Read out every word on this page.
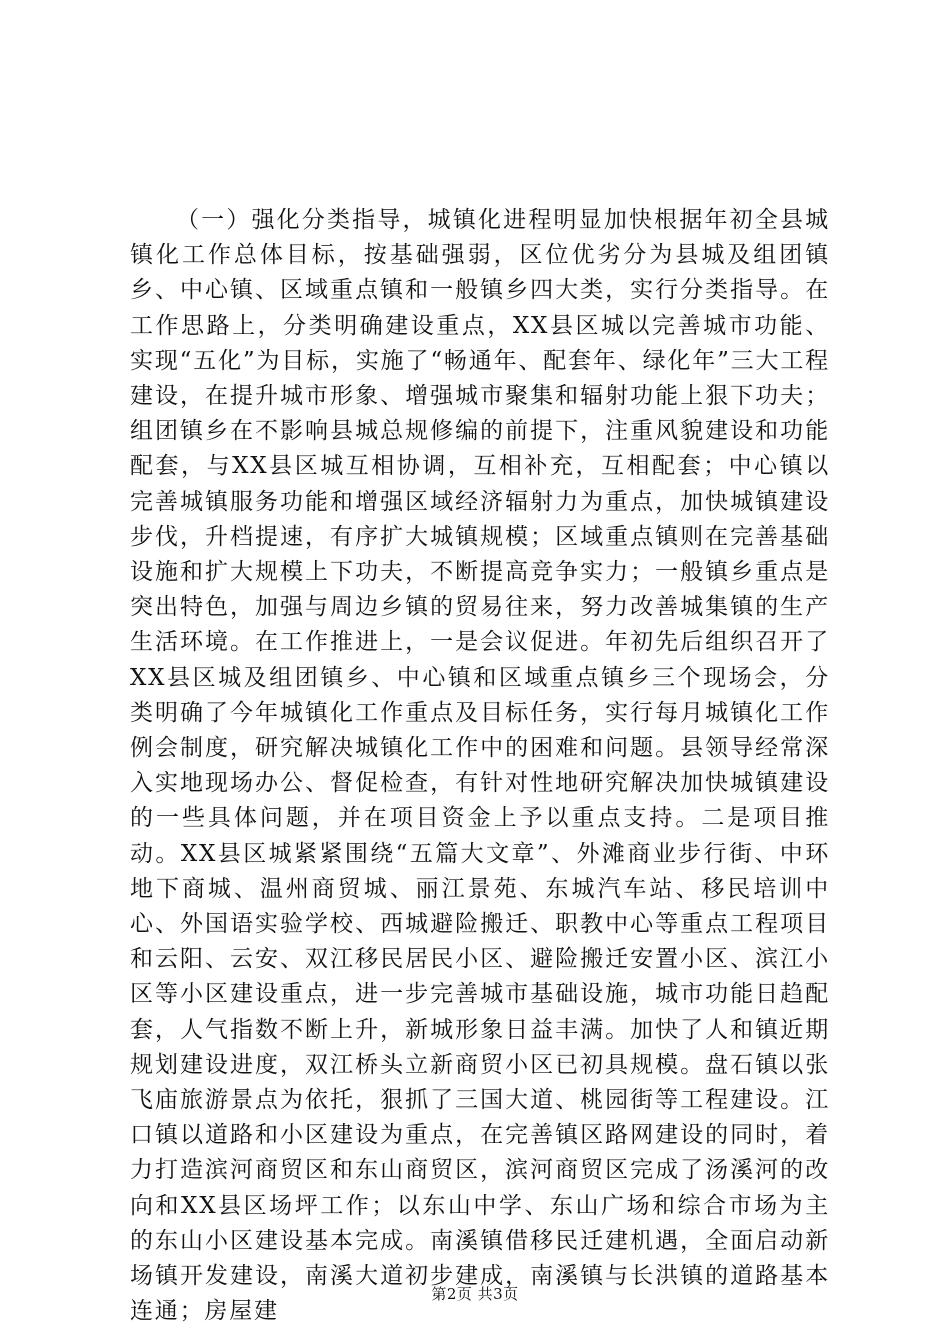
（一）强化分类指导，城镇化进程明显加快根据年初全县城镇化工作总体目标，按基础强弱，区位优劣分为县城及组团镇乡、中心镇、区域重点镇和一般镇乡四大类，实行分类指导。在工作思路上，分类明确建设重点，XX县区城以完善城市功能、实现“五化”为目标，实施了“畅通年、配套年、绿化年”三大工程建设，在提升城市形象、增强城市聚集和辐射功能上狠下功夫；组团镇乡在不影响县城总规修编的前提下，注重风貌建设和功能配套，与XX县区城互相协调，互相补充，互相配套；中心镇以完善城镇服务功能和增强区域经济辐射力为重点，加快城镇建设步伐，升档提速，有序扩大城镇规模；区域重点镇则在完善基础设施和扩大规模上下功夫，不断提高竞争实力；一般镇乡重点是突出特色，加强与周边乡镇的贸易往来，努力改善城集镇的生产生活环境。在工作推进上，一是会议促进。年初先后组织召开了XX县区城及组团镇乡、中心镇和区域重点镇乡三个现场会，分类明确了今年城镇化工作重点及目标任务，实行每月城镇化工作例会制度，研究解决城镇化工作中的困难和问题。县领导经常深入实地现场办公、督促检查，有针对性地研究解决加快城镇建设的一些具体问题，并在项目资金上予以重点支持。二是项目推动。XX县区城紧紧围绕“五篇大文章”、外滩商业步行街、中环地下商城、温州商贸城、丽江景苑、东城汽车站、移民培训中心、外国语实验学校、西城避险搬迁、职教中心等重点工程项目和云阳、云安、双江移民居民小区、避险搬迁安置小区、滨江小区等小区建设重点，进一步完善城市基础设施，城市功能日趋配套，人气指数不断上升，新城形象日益丰满。加快了人和镇近期规划建设进度，双江桥头立新商贸小区已初具规模。盘石镇以张飞庙旅游景点为依托，狠抓了三国大道、桃园街等工程建设。江口镇以道路和小区建设为重点，在完善镇区路网建设的同时，着力打造滨河商贸区和东山商贸区，滨河商贸区完成了汤溪河的改向和XX县区场坪工作；以东山中学、东山广场和综合市场为主的东山小区建设基本完成。南溪镇借移民迁建机遇，全面启动新场镇开发建设，南溪大道初步建成，南溪镇与长洪镇的道路基本连通；房屋建

第2页 共3页
